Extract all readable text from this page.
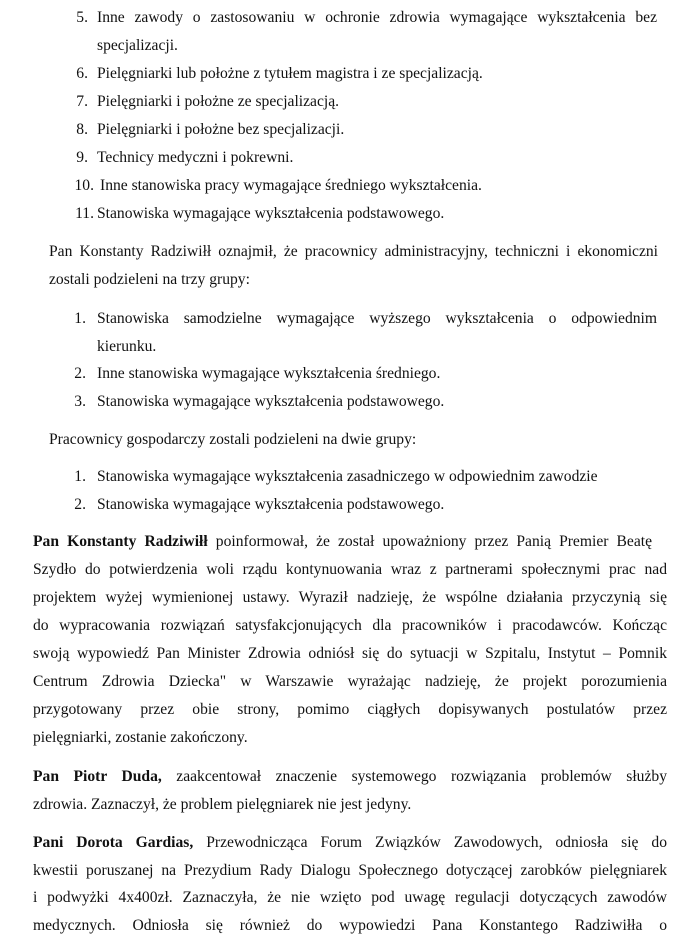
5. Inne zawody o zastosowaniu w ochronie zdrowia wymagające wykształcenia bez
specjalizacji.
6. Pielęgniarki lub położne z tytułem magistra i ze specjalizacją.
7. Pielęgniarki i położne ze specjalizacją.
8. Pielęgniarki i położne bez specjalizacji.
9. Technicy medyczni i pokrewni.
10. Inne stanowiska pracy wymagające średniego wykształcenia.
11. Stanowiska wymagające wykształcenia podstawowego.
Pan Konstanty Radziwiłł oznajmił, że pracownicy administracyjny, techniczni i ekonomiczni
zostali podzieleni na trzy grupy:
1. Stanowiska samodzielne wymagające wyższego wykształcenia o odpowiednim
kierunku.
2. Inne stanowiska wymagające wykształcenia średniego.
3. Stanowiska wymagające wykształcenia podstawowego.
Pracownicy gospodarczy zostali podzieleni na dwie grupy:
1. Stanowiska wymagające wykształcenia zasadniczego w odpowiednim zawodzie
2. Stanowiska wymagające wykształcenia podstawowego.
Pan Konstanty Radziwiłł poinformował, że został upoważniony przez Panią Premier Beatę
Szydło do potwierdzenia woli rządu kontynuowania wraz z partnerami społecznymi prac nad
projektem wyżej wymienionej ustawy. Wyraził nadzieję, że wspólne działania przyczynią się
do wypracowania rozwiązań satysfakcjonujących dla pracowników i pracodawców. Kończąc
swoją wypowiedź Pan Minister Zdrowia odniósł się do sytuacji w Szpitalu, Instytut – Pomnik
Centrum Zdrowia Dziecka" w Warszawie wyrażając nadzieję, że projekt porozumienia
przygotowany przez obie strony, pomimo ciągłych dopisywanych postulatów przez
pielęgniarki, zostanie zakończony.
Pan Piotr Duda, zaakcentował znaczenie systemowego rozwiązania problemów służby
zdrowia. Zaznaczył, że problem pielęgniarek nie jest jedyny.
Pani Dorota Gardias, Przewodnicząca Forum Związków Zawodowych, odniosła się do
kwestii poruszanej na Prezydium Rady Dialogu Społecznego dotyczącej zarobków pielęgniarek
i podwyżki 4x400zł. Zaznaczyła, że nie wzięto pod uwagę regulacji dotyczących zawodów
medycznych. Odniosła się również do wypowiedzi Pana Konstantego Radziwiłła o
